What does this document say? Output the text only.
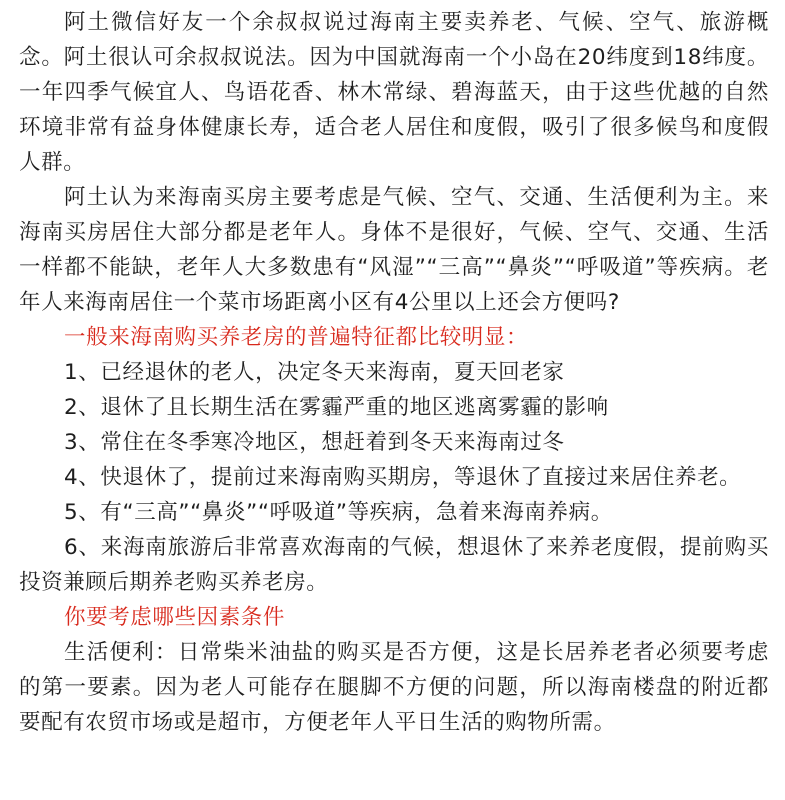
阿土微信好友一个余叔叔说过海南主要卖养老、气候、空气、旅游概念。阿土很认可余叔叔说法。因为中国就海南一个小岛在20纬度到18纬度。一年四季气候宜人、鸟语花香、林木常绿、碧海蓝天，由于这些优越的自然环境非常有益身体健康长寿，适合老人居住和度假，吸引了很多候鸟和度假人群。

阿土认为来海南买房主要考虑是气候、空气、交通、生活便利为主。来海南买房居住大部分都是老年人。身体不是很好，气候、空气、交通、生活一样都不能缺，老年人大多数患有“风湿”“三高”“鼻炎”“呼吸道”等疾病。老年人来海南居住一个菜市场距离小区有4公里以上还会方便吗?

一般来海南购买养老房的普遍特征都比较明显：

1、已经退休的老人，决定冬天来海南，夏天回老家

2、退休了且长期生活在雾霾严重的地区逃离雾霾的影响

3、常住在冬季寒冷地区，想赶着到冬天来海南过冬

4、快退休了，提前过来海南购买期房，等退休了直接过来居住养老。

5、有“三高”“鼻炎”“呼吸道”等疾病，急着来海南养病。

6、来海南旅游后非常喜欢海南的气候，想退休了来养老度假，提前购买投资兼顾后期养老购买养老房。

你要考虑哪些因素条件

生活便利：日常柴米油盐的购买是否方便，这是长居养老者必须要考虑的第一要素。因为老人可能存在腿脚不方便的问题，所以海南楼盘的附近都要配有农贸市场或是超市，方便老年人平日生活的购物所需。
